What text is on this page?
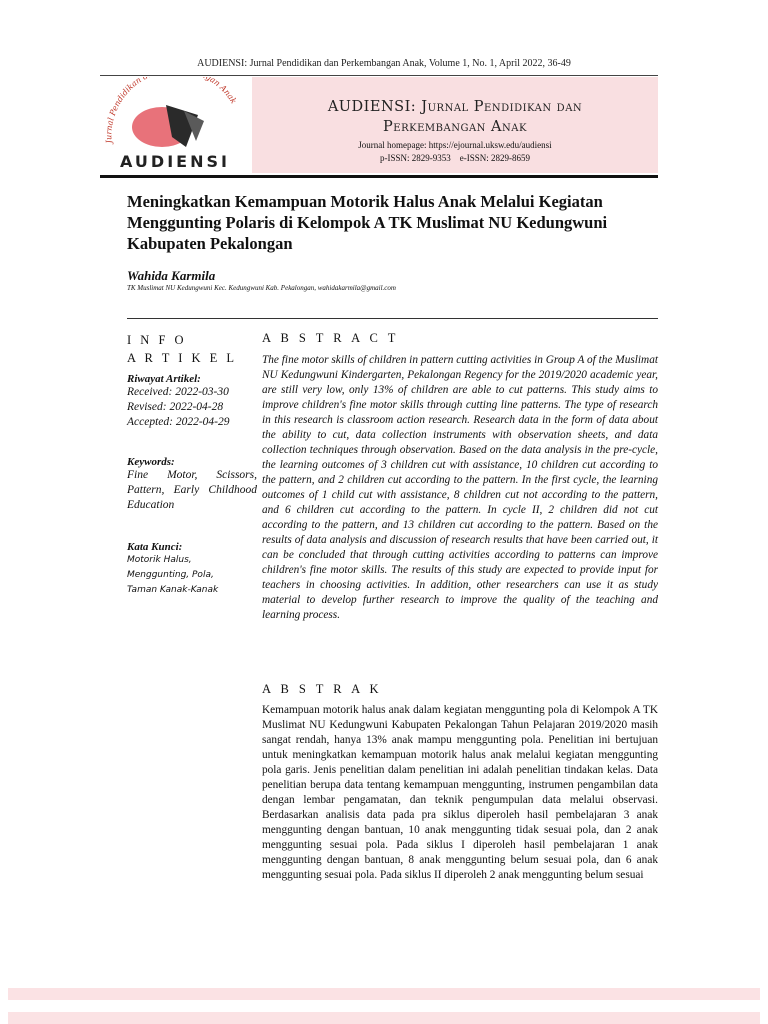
AUDIENSI: Jurnal Pendidikan dan Perkembangan Anak, Volume 1, No. 1, April 2022, 36-49
Jurnal Pendidikan gan Anak
AUDIENSI
AUDIENSI: Jurnal Pendidikan dan
Perkembangan Anak
Journal homepage: https://ejournal.uksw.edu/audiensi
p-ISSN: 2829-9353    e-ISSN: 2829-8659
Meningkatkan Kemampuan Motorik Halus Anak Melalui Kegiatan Menggunting Polaris di Kelompok A TK Muslimat NU Kedungwuni Kabupaten Pekalongan
Wahida Karmila
TK Muslimat NU Kedungwuni Kec. Kedungwuni Kab. Pekalongan, wahidakarmila@gmail.com
I N F O
A R T I K E L
Riwayat Artikel:
Received: 2022-03-30
Revised: 2022-04-28
Accepted: 2022-04-29
Keywords:
Fine Motor, Scissors, Pattern, Early Childhood Education
Kata Kunci:
Motorik Halus,
Menggunting, Pola,
Taman Kanak-Kanak
A B S T R A C T

The fine motor skills of children in pattern cutting activities in Group A of the Muslimat NU Kedungwuni Kindergarten, Pekalongan Regency for the 2019/2020 academic year, are still very low, only 13% of children are able to cut patterns. This study aims to improve children's fine motor skills through cutting line patterns. The type of research in this research is classroom action research. Research data in the form of data about the ability to cut, data collection instruments with observation sheets, and data collection techniques through observation. Based on the data analysis in the pre-cycle, the learning outcomes of 3 children cut with assistance, 10 children cut according to the pattern, and 2 children cut according to the pattern. In the first cycle, the learning outcomes of 1 child cut with assistance, 8 children cut not according to the pattern, and 6 children cut according to the pattern. In cycle II, 2 children did not cut according to the pattern, and 13 children cut according to the pattern. Based on the results of data analysis and discussion of research results that have been carried out, it can be concluded that through cutting activities according to patterns can improve children's fine motor skills. The results of this study are expected to provide input for teachers in choosing activities. In addition, other researchers can use it as study material to develop further research to improve the quality of the teaching and learning process.

A B S T R A K

Kemampuan motorik halus anak dalam kegiatan menggunting pola di Kelompok A TK Muslimat NU Kedungwuni Kabupaten Pekalongan Tahun Pelajaran 2019/2020 masih sangat rendah, hanya 13% anak mampu menggunting pola. Penelitian ini bertujuan untuk meningkatkan kemampuan motorik halus anak melalui kegiatan menggunting pola garis. Jenis penelitian dalam penelitian ini adalah penelitian tindakan kelas. Data penelitian berupa data tentang kemampuan menggunting, instrumen pengambilan data dengan lembar pengamatan, dan teknik pengumpulan data melalui observasi. Berdasarkan analisis data pada pra siklus diperoleh hasil pembelajaran 3 anak menggunting dengan bantuan, 10 anak menggunting tidak sesuai pola, dan 2 anak menggunting sesuai pola. Pada siklus I diperoleh hasil pembelajaran 1 anak menggunting dengan bantuan, 8 anak menggunting belum sesuai pola, dan 6 anak menggunting sesuai pola. Pada siklus II diperoleh 2 anak menggunting belum sesuai
